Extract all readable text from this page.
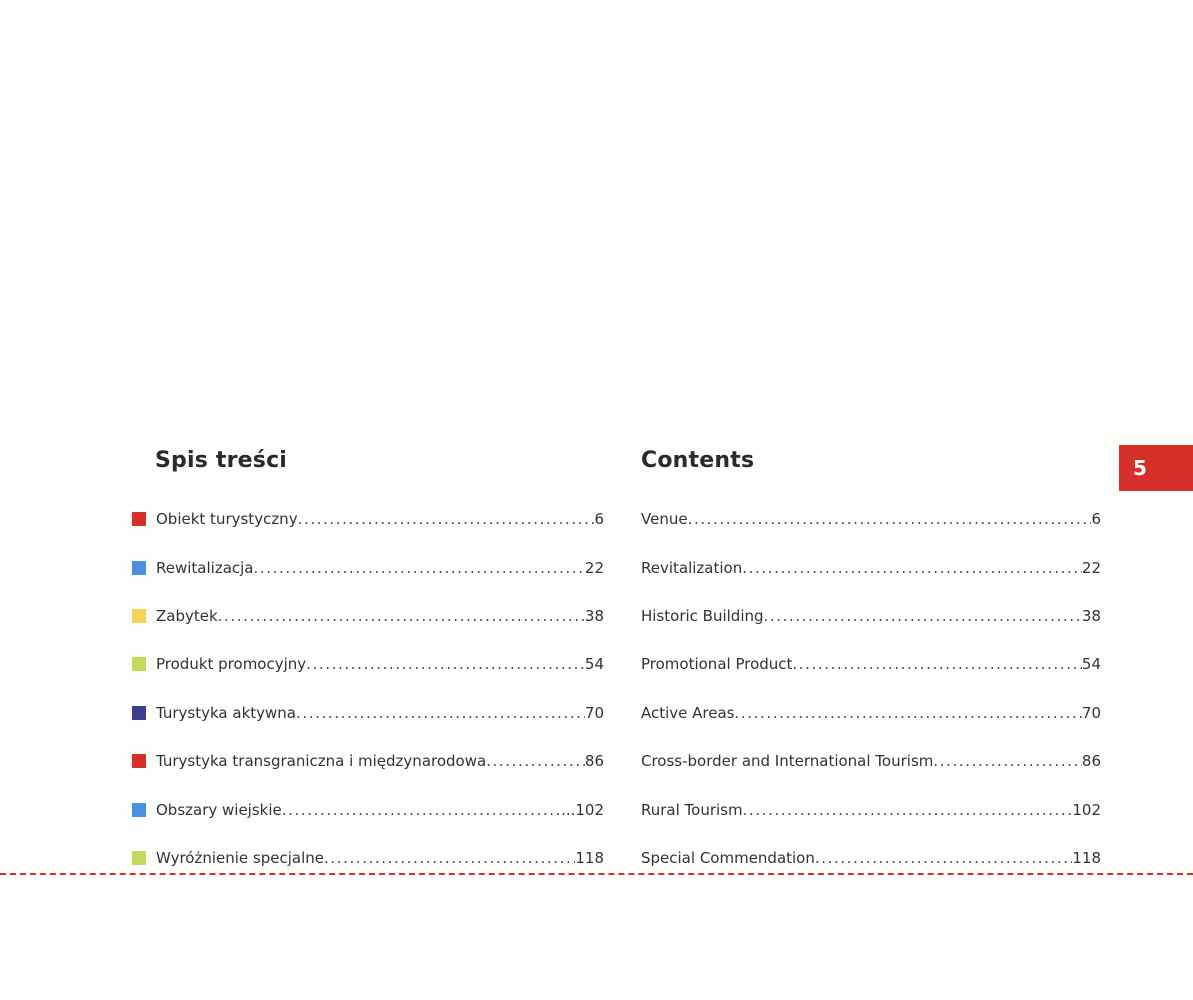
Spis treści	Contents
Obiekt turystyczny .....	6
Rewitalizacja .....	22
Zabytek .....	38
Produkt promocyjny .....	54
Turystyka aktywna .....	70
Turystyka transgraniczna i międzynarodowa .....	86
Obszary wiejskie .....	...102
Wyróżnienie specjalne .....	118
Venue .....	6
Revitalization .....	22
Historic Building .....	38
Promotional Product .....	54
Active Areas .....	70
Cross-border and International Tourism .....	86
Rural Tourism .....	102
Special Commendation .....	118
5
